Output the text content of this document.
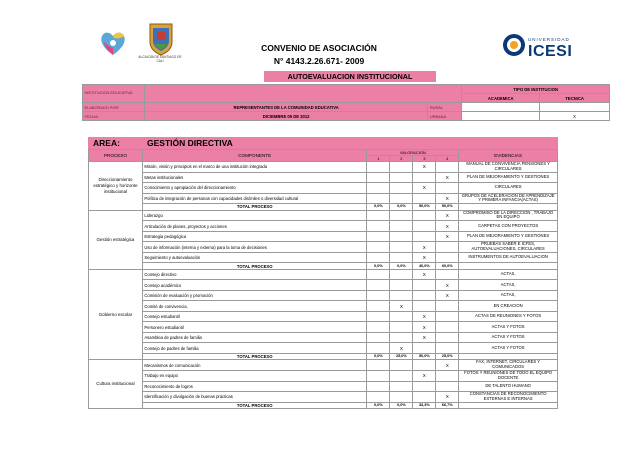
ALCALDÍA DE SANTIAGO DE CALI
UNIVERSIDAD
ICESI
CONVENIO DE ASOCIACIÓN
N° 4143.2.26.671- 2009
AUTOEVALUACION INSTITUCIONAL
INSTITUCION EDUCATIVA:			TIPO DE INSTITUCION	
			ACADEMICA	TECNICA
ELABORADO POR:	REPRESENTANTES DE LA COMUNIDAD EDUCATIVA	RURAL		
FECHA:	DICIEMBRE 05 DE 2012	URBANA		X
AREA:	GESTIÓN DIRECTIVA
PROCESO	COMPONENTE	VALORACION				EVIDENCIAS
		1	2	3	4	
Direccionamiento estratégico y horizonte institucional	Misión, visión y principios en el marco de una institución integrada			X		MANUAL DE CONVIVENCIA PENSIONES Y CIRCULARES
	Metas institucionales				X	PLAN DE MEJORAMIENTO Y GESTIONES
	Conocimiento y apropiación del direccionamiento			X		CIRCULARES
	Política de integración de personas con capacidades disímiles o diversidad cultural				X	GRUPOS DE ACELERACION DE APRENDIZAJE Y PRIMERA INFANCIA(ACTAS)
	TOTAL PROCESO	0,0%	0,0%	50,0%	50,0%	
Gestión estratégica	Liderazgo				X	COMPROMISO DE LA DIRECCION , TRABAJO EN EQUIPO
	Articulación de planes, proyectos y acciones				X	CARPETAS CON PROYECTOS
	Estrategia pedagógica				X	PLAN DE MEJORAMIENTO Y GESTIONES
	Uso de información (interna y externa) para la toma de decisiones			X		PRUEBAS SABER E ICFES, AUTOEVALUACIONES, CIRCULARES
	Seguimiento y autoevaluación			X		INSTRUMENTOS DE AUTOEVALUACION
	TOTAL PROCESO	0,0%	0,0%	40,0%	60,0%	
Gobierno escolar	Consejo directivo			X		ACTAS,
	Consejo académico				X	ACTAS,
	Comisión de evaluación y promoción				X	ACTAS,
	Comité de convivencia,		X			EN CREACION
	Consejo estudiantil			X		ACTAS DE REUNIONES Y FOTOS
	Personero estudiantil			X		ACTAS Y FOTOS
	Asamblea de padres de familia			X		ACTAS Y FOTOS
	Consejo de padres de familia		X			ACTAS Y FOTOS
	TOTAL PROCESO	0,0%	25,0%	50,0%	25,0%	
Cultura institucional	Mecanismos de comunicación				X	FAX, INTERNET, CIRCULARES Y COMUNICADOS
	Trabajo en equipo			X		FOTOS Y REUNIONES DE TODO EL EQUIPO DOCENTE
	Reconocimiento de logros					DE TALENTO HUMANO
	Identificación y divulgación de buenas prácticas				X	CONSTANCIAS DE RECONOCIMIENTO EXTERNAS E INTERNAS
	TOTAL PROCESO	0,0%	0,0%	33,3%	66,7%	
